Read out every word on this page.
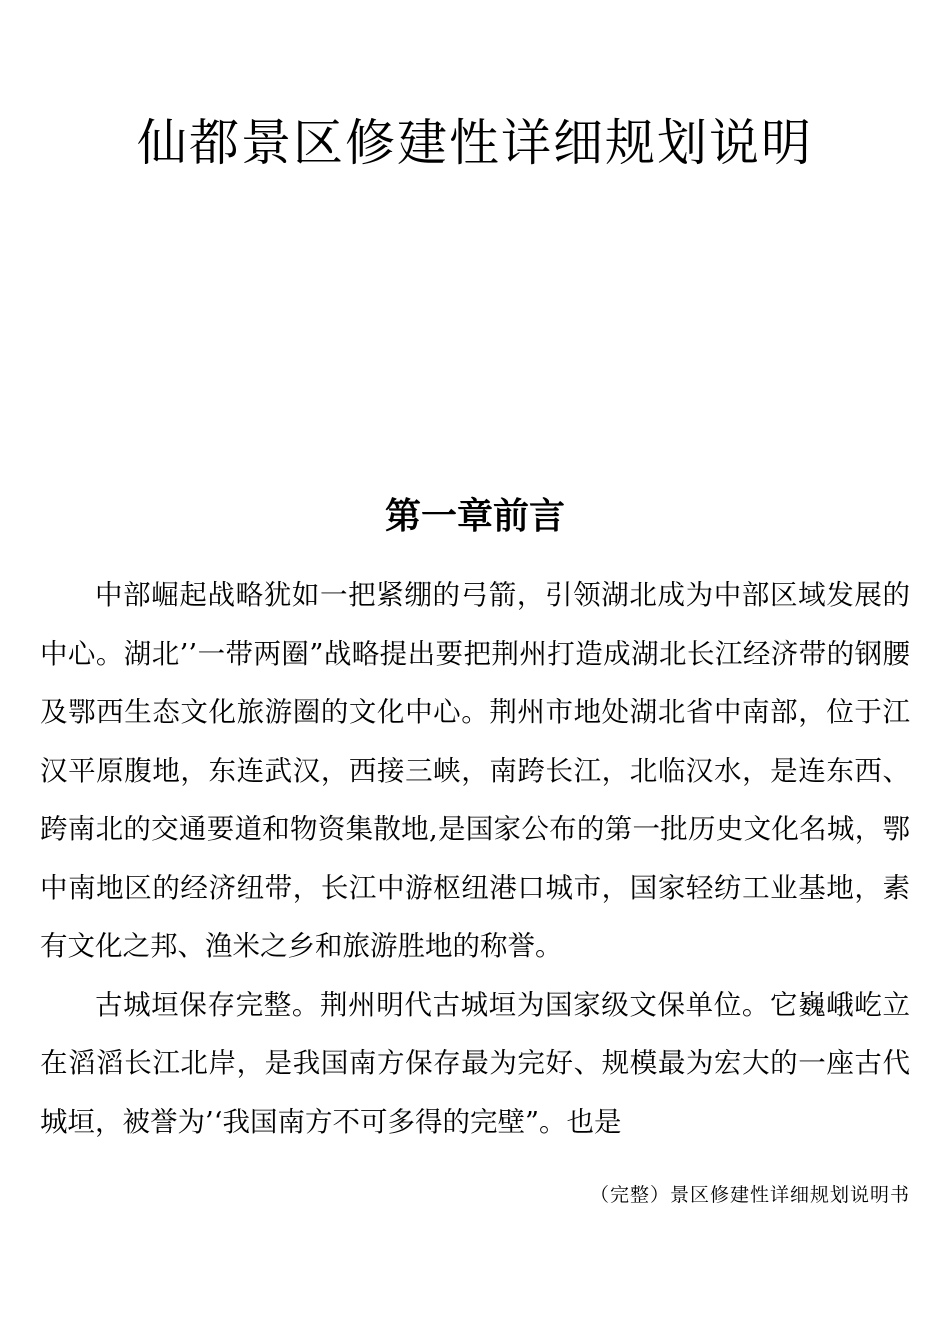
仙都景区修建性详细规划说明
第一章前言

中部崛起战略犹如一把紧绷的弓箭，引领湖北成为中部区域发展的中心。湖北’’一带两圈”战略提出要把荆州打造成湖北长江经济带的钢腰及鄂西生态文化旅游圈的文化中心。荆州市地处湖北省中南部，位于江汉平原腹地，东连武汉，西接三峡，南跨长江，北临汉水，是连东西、跨南北的交通要道和物资集散地,是国家公布的第一批历史文化名城，鄂中南地区的经济纽带，长江中游枢纽港口城市，国家轻纺工业基地，素有文化之邦、渔米之乡和旅游胜地的称誉。

古城垣保存完整。荆州明代古城垣为国家级文保单位。它巍峨屹立在滔滔长江北岸，是我国南方保存最为完好、规模最为宏大的一座古代城垣，被誉为’‘我国南方不可多得的完壁”。也是

（完整）景区修建性详细规划说明书
